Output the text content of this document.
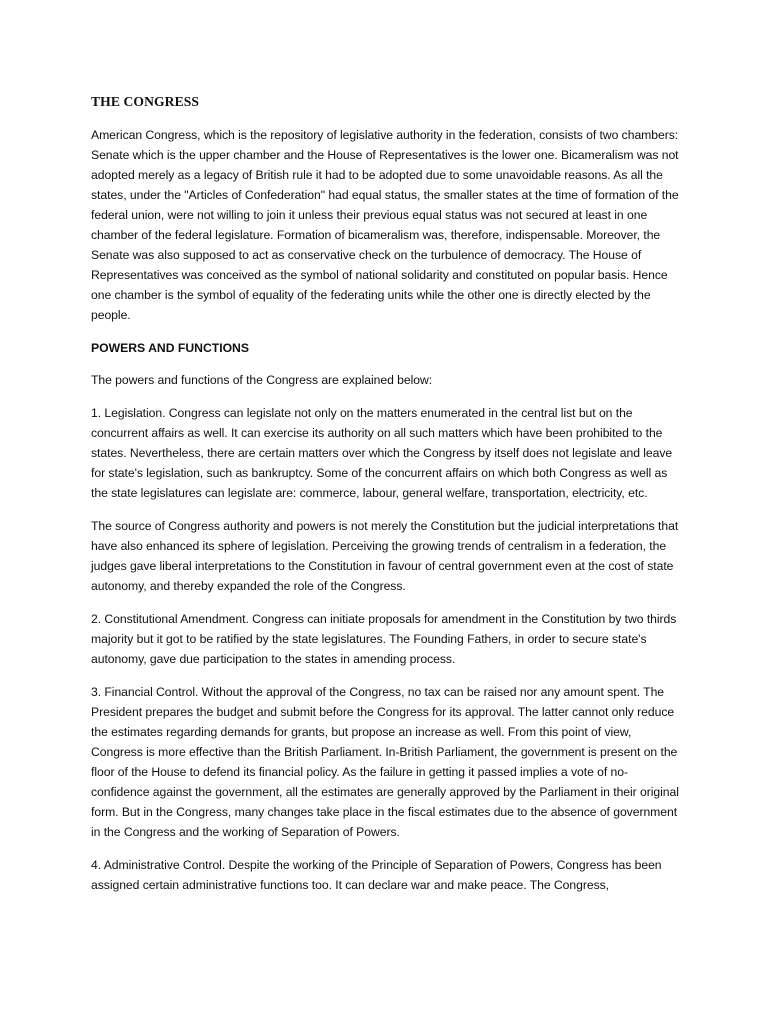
THE CONGRESS

American Congress, which is the repository of legislative authority in the federation, consists of two chambers: Senate which is the upper chamber and the House of Representatives is the lower one. Bicameralism was not adopted merely as a legacy of British rule it had to be adopted due to some unavoidable reasons. As all the states, under the "Articles of Confederation" had equal status, the smaller states at the time of formation of the federal union, were not willing to join it unless their previous equal status was not secured at least in one chamber of the federal legislature. Formation of bicameralism was, therefore, indispensable. Moreover, the Senate was also supposed to act as conservative check on the turbulence of democracy. The House of Representatives was conceived as the symbol of national solidarity and constituted on popular basis. Hence one chamber is the symbol of equality of the federating units while the other one is directly elected by the people.

POWERS AND FUNCTIONS

The powers and functions of the Congress are explained below:

1. Legislation. Congress can legislate not only on the matters enumerated in the central list but on the concurrent affairs as well. It can exercise its authority on all such matters which have been prohibited to the states. Nevertheless, there are certain matters over which the Congress by itself does not legislate and leave for state's legislation, such as bankruptcy. Some of the concurrent affairs on which both Congress as well as the state legislatures can legislate are: commerce, labour, general welfare, transportation, electricity, etc.

The source of Congress authority and powers is not merely the Constitution but the judicial interpretations that have also enhanced its sphere of legislation. Perceiving the growing trends of centralism in a federation, the judges gave liberal interpretations to the Constitution in favour of central government even at the cost of state autonomy, and thereby expanded the role of the Congress.

2. Constitutional Amendment. Congress can initiate proposals for amendment in the Constitution by two thirds majority but it got to be ratified by the state legislatures. The Founding Fathers, in order to secure state's autonomy, gave due participation to the states in amending process.

3. Financial Control. Without the approval of the Congress, no tax can be raised nor any amount spent. The President prepares the budget and submit before the Congress for its approval. The latter cannot only reduce the estimates regarding demands for grants, but propose an increase as well. From this point of view, Congress is more effective than the British Parliament. In-British Parliament, the government is present on the floor of the House to defend its financial policy. As the failure in getting it passed implies a vote of no-confidence against the government, all the estimates are generally approved by the Parliament in their original form. But in the Congress, many changes take place in the fiscal estimates due to the absence of government in the Congress and the working of Separation of Powers.

4. Administrative Control. Despite the working of the Principle of Separation of Powers, Congress has been assigned certain administrative functions too. It can declare war and make peace. The Congress,
